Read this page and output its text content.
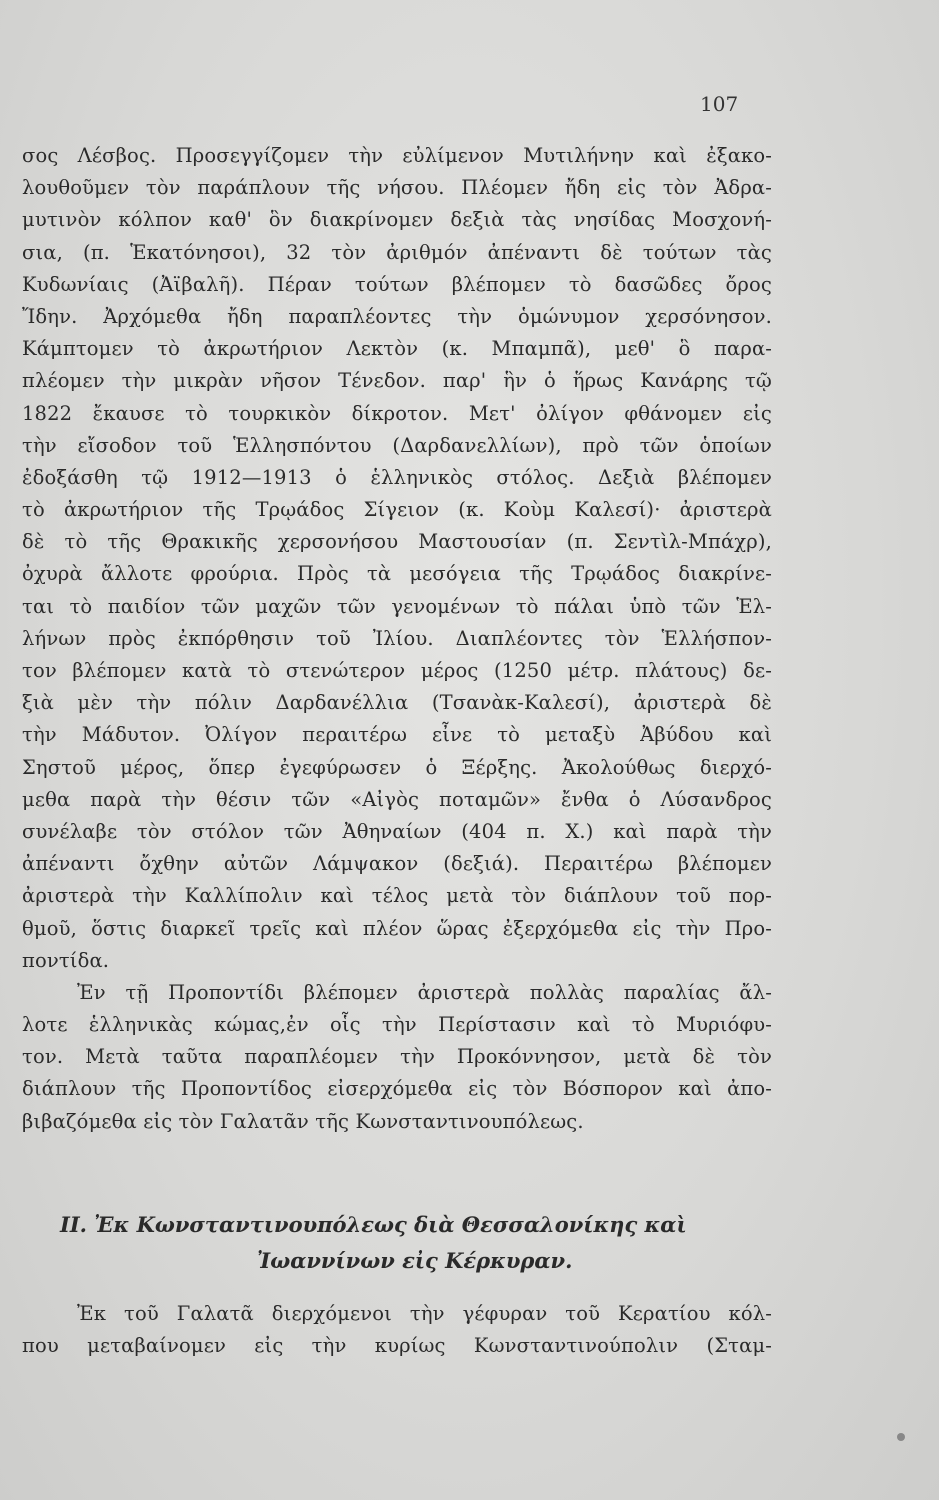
107
σος Λέσβος. Προσεγγίζομεν τὴν εὐλίμενον Μυτιλήνην καὶ ἐξακο-
λουθοῦμεν τὸν παράπλουν τῆς νήσου. Πλέομεν ἤδη εἰς τὸν Ἀδρα-
μυτινὸν κόλπον καθ' ὃν διακρίνομεν δεξιὰ τὰς νησίδας Μοσχονή-
σια, (π. Ἑκατόνησοι), 32 τὸν ἀριθμόν ἀπέναντι δὲ τούτων τὰς
Κυδωνίαις (Ἀϊβαλῆ). Πέραν τούτων βλέπομεν τὸ δασῶδες ὄρος
Ἴδην. Ἀρχόμεθα ἤδη παραπλέοντες τὴν ὁμώνυμον χερσόνησον.
Κάμπτομεν τὸ ἀκρωτήριον Λεκτὸν (κ. Μπαμπᾶ), μεθ' ὃ παρα-
πλέομεν τὴν μικρὰν νῆσον Τένεδον. παρ' ἣν ὁ ἥρως Κανάρης τῷ
1822 ἔκαυσε τὸ τουρκικὸν δίκροτον. Μετ' ὀλίγον φθάνομεν εἰς
τὴν εἴσοδον τοῦ Ἑλλησπόντου (Δαρδανελλίων), πρὸ τῶν ὁποίων
ἐδοξάσθη τῷ 1912—1913 ὁ ἑλληνικὸς στόλος. Δεξιὰ βλέπομεν
τὸ ἀκρωτήριον τῆς Τρῳάδος Σίγειον (κ. Κοὺμ Καλεσί)· ἀριστερὰ
δὲ τὸ τῆς Θρακικῆς χερσονήσου Μαστουσίαν (π. Σεντὶλ-Μπάχρ),
ὀχυρὰ ἄλλοτε φρούρια. Πρὸς τὰ μεσόγεια τῆς Τρῳάδος διακρίνε-
ται τὸ παιδίον τῶν μαχῶν τῶν γενομένων τὸ πάλαι ὑπὸ τῶν Ἑλ-
λήνων πρὸς ἐκπόρθησιν τοῦ Ἰλίου. Διαπλέοντες τὸν Ἑλλήσπον-
τον βλέπομεν κατὰ τὸ στενώτερον μέρος (1250 μέτρ. πλάτους) δε-
ξιὰ μὲν τὴν πόλιν Δαρδανέλλια (Τσανὰκ-Καλεσί), ἀριστερὰ δὲ
τὴν Μάδυτον. Ὀλίγον περαιτέρω εἶνε τὸ μεταξὺ Ἀβύδου καὶ
Σηστοῦ μέρος, ὅπερ ἐγεφύρωσεν ὁ Ξέρξης. Ἀκολούθως διερχό-
μεθα παρὰ τὴν θέσιν τῶν «Αἰγὸς ποταμῶν» ἔνθα ὁ Λύσανδρος
συνέλαβε τὸν στόλον τῶν Ἀθηναίων (404 π. Χ.) καὶ παρὰ τὴν
ἀπέναντι ὄχθην αὐτῶν Λάμψακον (δεξιά). Περαιτέρω βλέπομεν
ἀριστερὰ τὴν Καλλίπολιν καὶ τέλος μετὰ τὸν διάπλουν τοῦ πορ-
θμοῦ, ὅστις διαρκεῖ τρεῖς καὶ πλέον ὥρας ἐξερχόμεθα εἰς τὴν Προ-
ποντίδα.
Ἐν τῇ Προποντίδι βλέπομεν ἀριστερὰ πολλὰς παραλίας ἄλ-
λοτε ἑλληνικὰς κώμας,ἐν οἷς τὴν Περίστασιν καὶ τὸ Μυριόφυ-
τον. Μετὰ ταῦτα παραπλέομεν τὴν Προκόννησον, μετὰ δὲ τὸν
διάπλουν τῆς Προποντίδος εἰσερχόμεθα εἰς τὸν Βόσπορον καὶ ἀπο-
βιβαζόμεθα εἰς τὸν Γαλατᾶν τῆς Κωνσταντινουπόλεως.
ΙΙ. Ἐκ Κωνσταντινουπόλεως διὰ Θεσσαλονίκης καὶ
Ἰωαννίνων εἰς Κέρκυραν.
Ἐκ τοῦ Γαλατᾶ διερχόμενοι τὴν γέφυραν τοῦ Κερατίου κόλ-
που μεταβαίνομεν εἰς τὴν κυρίως Κωνσταντινούπολιν (Σταμ-
